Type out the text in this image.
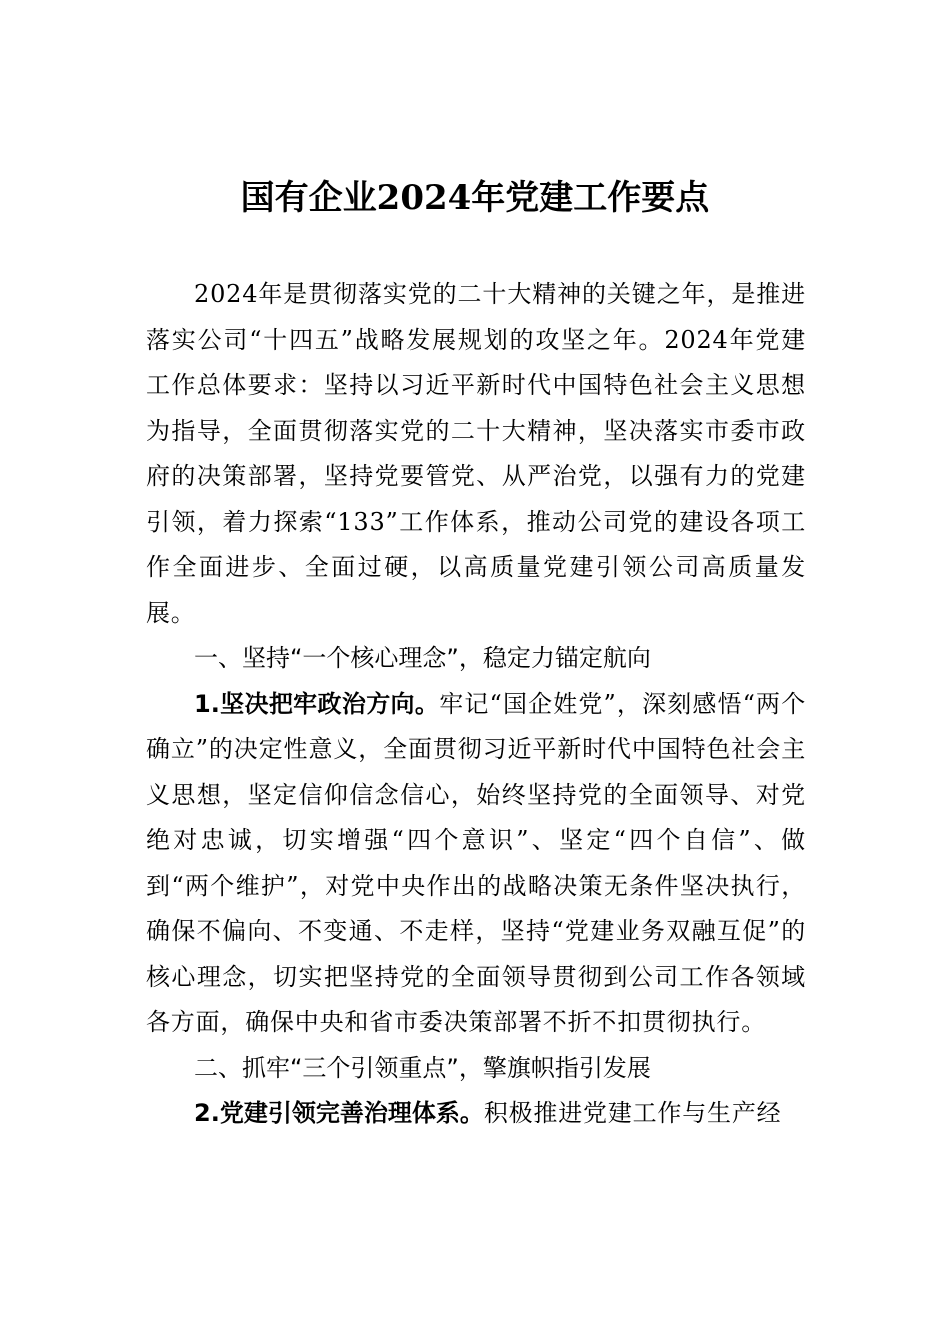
国有企业2024年党建工作要点

2024年是贯彻落实党的二十大精神的关键之年，是推进落实公司“十四五”战略发展规划的攻坚之年。2024年党建工作总体要求：坚持以习近平新时代中国特色社会主义思想为指导，全面贯彻落实党的二十大精神，坚决落实市委市政府的决策部署，坚持党要管党、从严治党，以强有力的党建引领，着力探索“133”工作体系，推动公司党的建设各项工作全面进步、全面过硬，以高质量党建引领公司高质量发展。

一、坚持“一个核心理念”，稳定力锚定航向

1.坚决把牢政治方向。牢记“国企姓党”，深刻感悟“两个确立”的决定性意义，全面贯彻习近平新时代中国特色社会主义思想，坚定信仰信念信心，始终坚持党的全面领导、对党绝对忠诚，切实增强“四个意识”、坚定“四个自信”、做到“两个维护”，对党中央作出的战略决策无条件坚决执行，确保不偏向、不变通、不走样，坚持“党建业务双融互促”的核心理念，切实把坚持党的全面领导贯彻到公司工作各领域各方面，确保中央和省市委决策部署不折不扣贯彻执行。

二、抓牢“三个引领重点”，擎旗帜指引发展

2.党建引领完善治理体系。积极推进党建工作与生产经
